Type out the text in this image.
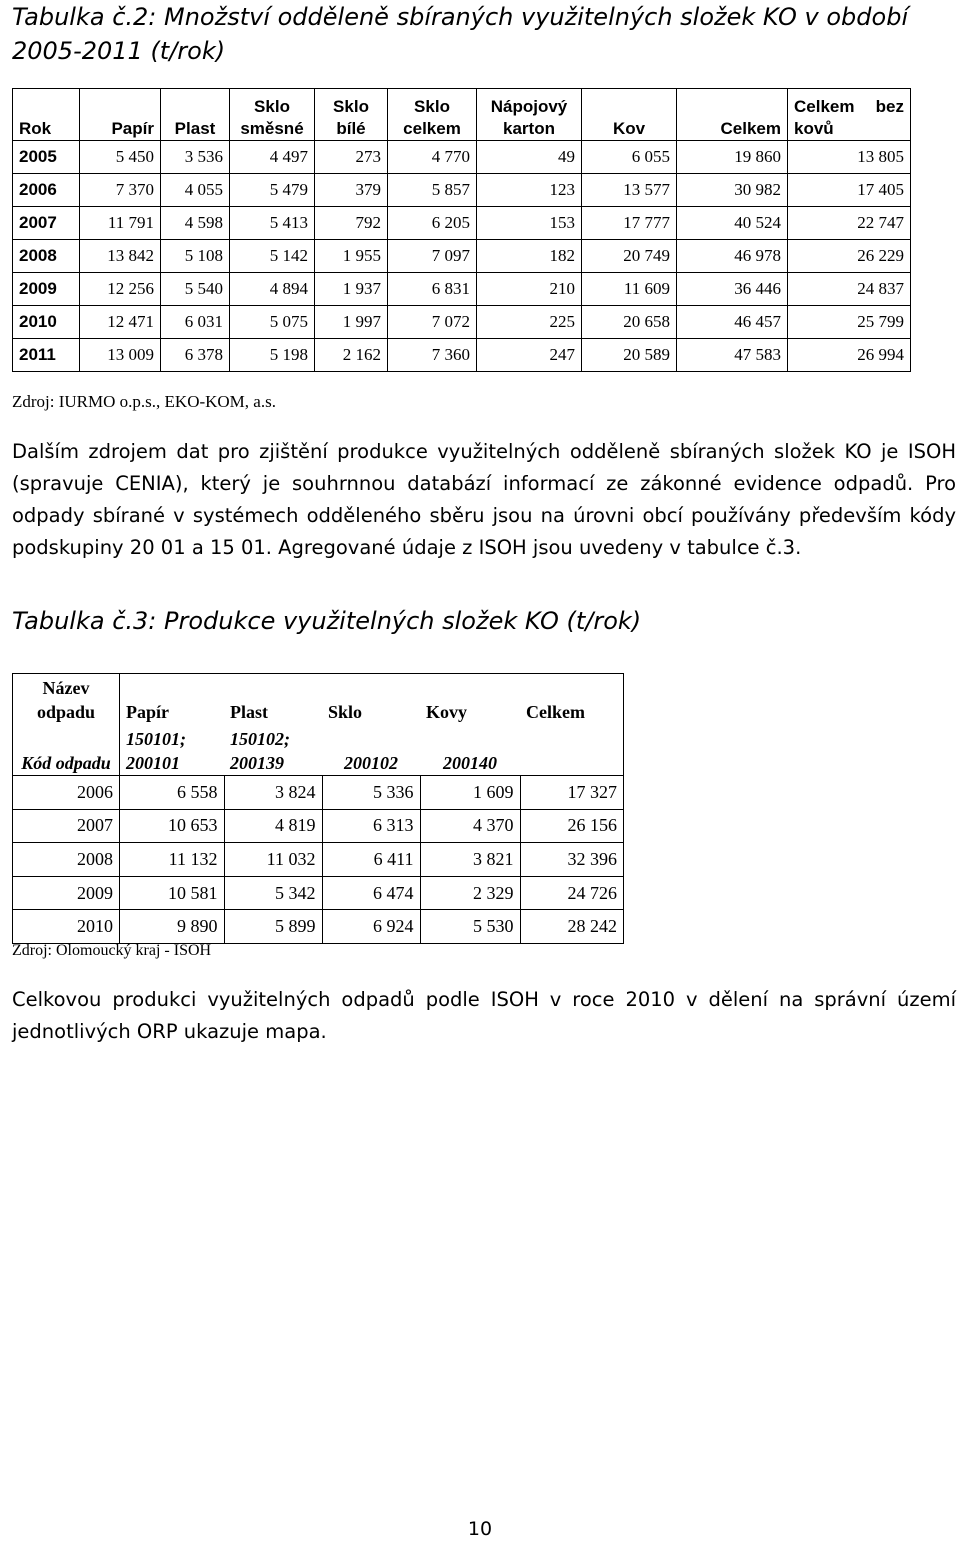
Tabulka č.2: Množství odděleně sbíraných využitelných složek KO v období 2005-2011 (t/rok)
Rok	Papír	Plast	Sklo směsné	Sklo bílé	Sklo celkem	Nápojový karton	Kov	Celkem	Celkem bez
kovů

2005	5 450	3 536	4 497	273	4 770	49	6 055	19 860	13 805
2006	7 370	4 055	5 479	379	5 857	123	13 577	30 982	17 405
2007	11 791	4 598	5 413	792	6 205	153	17 777	40 524	22 747
2008	13 842	5 108	5 142	1 955	7 097	182	20 749	46 978	26 229
2009	12 256	5 540	4 894	1 937	6 831	210	11 609	36 446	24 837
2010	12 471	6 031	5 075	1 997	7 072	225	20 658	46 457	25 799
2011	13 009	6 378	5 198	2 162	7 360	247	20 589	47 583	26 994
Zdroj: IURMO o.p.s., EKO-KOM, a.s.
Dalším zdrojem dat pro zjištění produkce využitelných odděleně sbíraných složek KO je ISOH (spravuje CENIA), který je souhrnnou databází informací ze zákonné evidence odpadů. Pro odpady sbírané v systémech odděleného sběru jsou na úrovni obcí používány především kódy podskupiny 20 01 a 15 01. Agregované údaje z ISOH jsou uvedeny v tabulce č.3.
Tabulka č.3: Produkce využitelných složek KO (t/rok)
Název odpadu	Papír	Plast	Sklo	Kovy	Celkem
Kód odpadu	150101; 200101	150102; 200139	200102	200140	
2006	6 558	3 824	5 336	1 609	17 327
2007	10 653	4 819	6 313	4 370	26 156
2008	11 132	11 032	6 411	3 821	32 396
2009	10 581	5 342	6 474	2 329	24 726
2010	9 890	5 899	6 924	5 530	28 242
Zdroj: Olomoucký kraj - ISOH
Celkovou produkci využitelných odpadů podle ISOH v roce 2010 v dělení na správní území jednotlivých ORP ukazuje mapa.
10
